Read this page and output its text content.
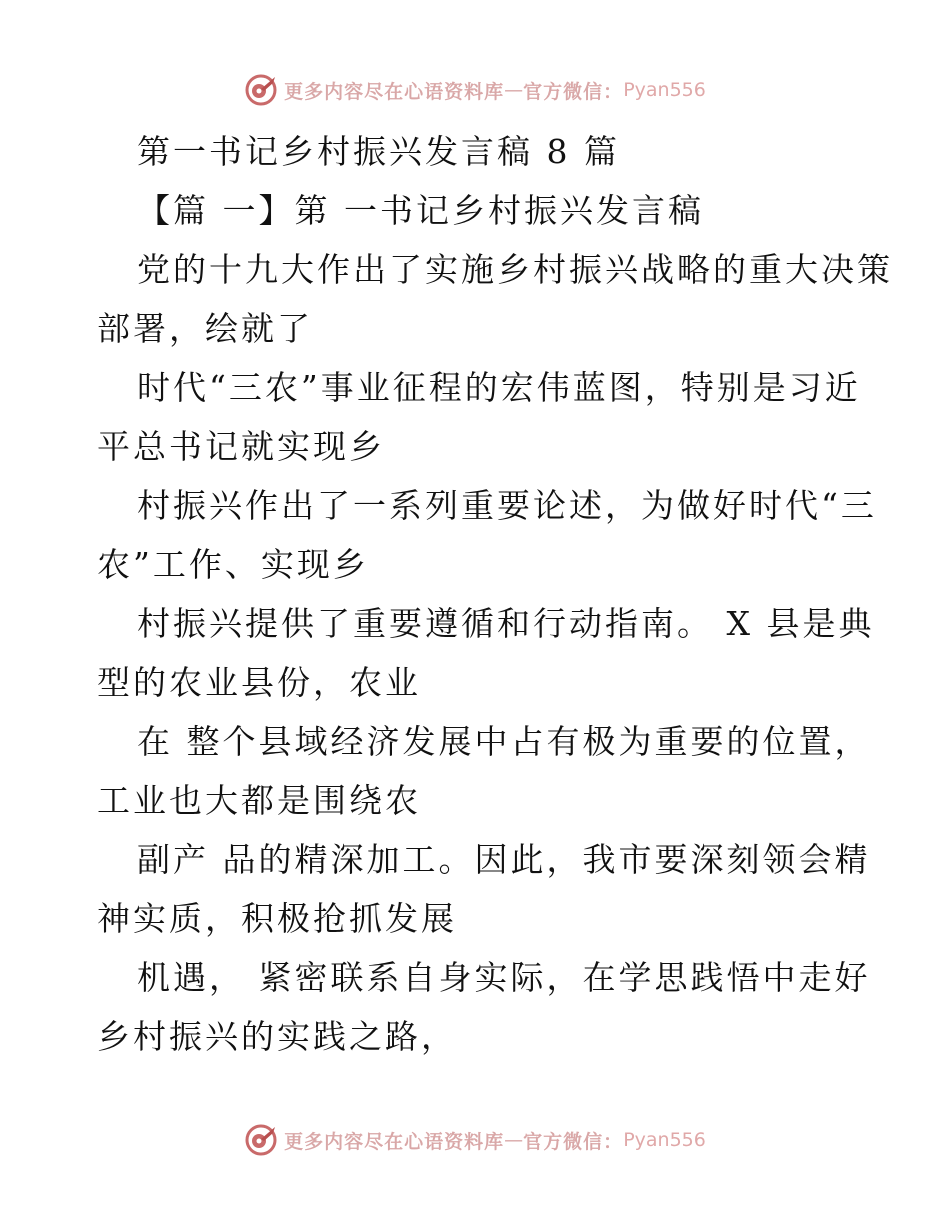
更多内容尽在心语资料库 — 官方微信： Pyan556
第一书记乡村振兴发言稿 8 篇
【篇 一】第 一书记乡村振兴发言稿
党的十九大作出了实施乡村振兴战略的重大决策
部署，绘就了
时代“三农”事业征程的宏伟蓝图，特别是习近
平总书记就实现乡
村振兴作出了一系列重要论述，为做好时代“三
农”工作、实现乡
村振兴提供了重要遵循和行动指南。 X 县是典
型的农业县份，农业
在 整个县域经济发展中占有极为重要的位置，
工业也大都是围绕农
副产 品的精深加工。因此，我市要深刻领会精
神实质，积极抢抓发展
机遇， 紧密联系自身实际，在学思践悟中走好
乡村振兴的实践之路，
更多内容尽在心语资料库 — 官方微信： Pyan556
